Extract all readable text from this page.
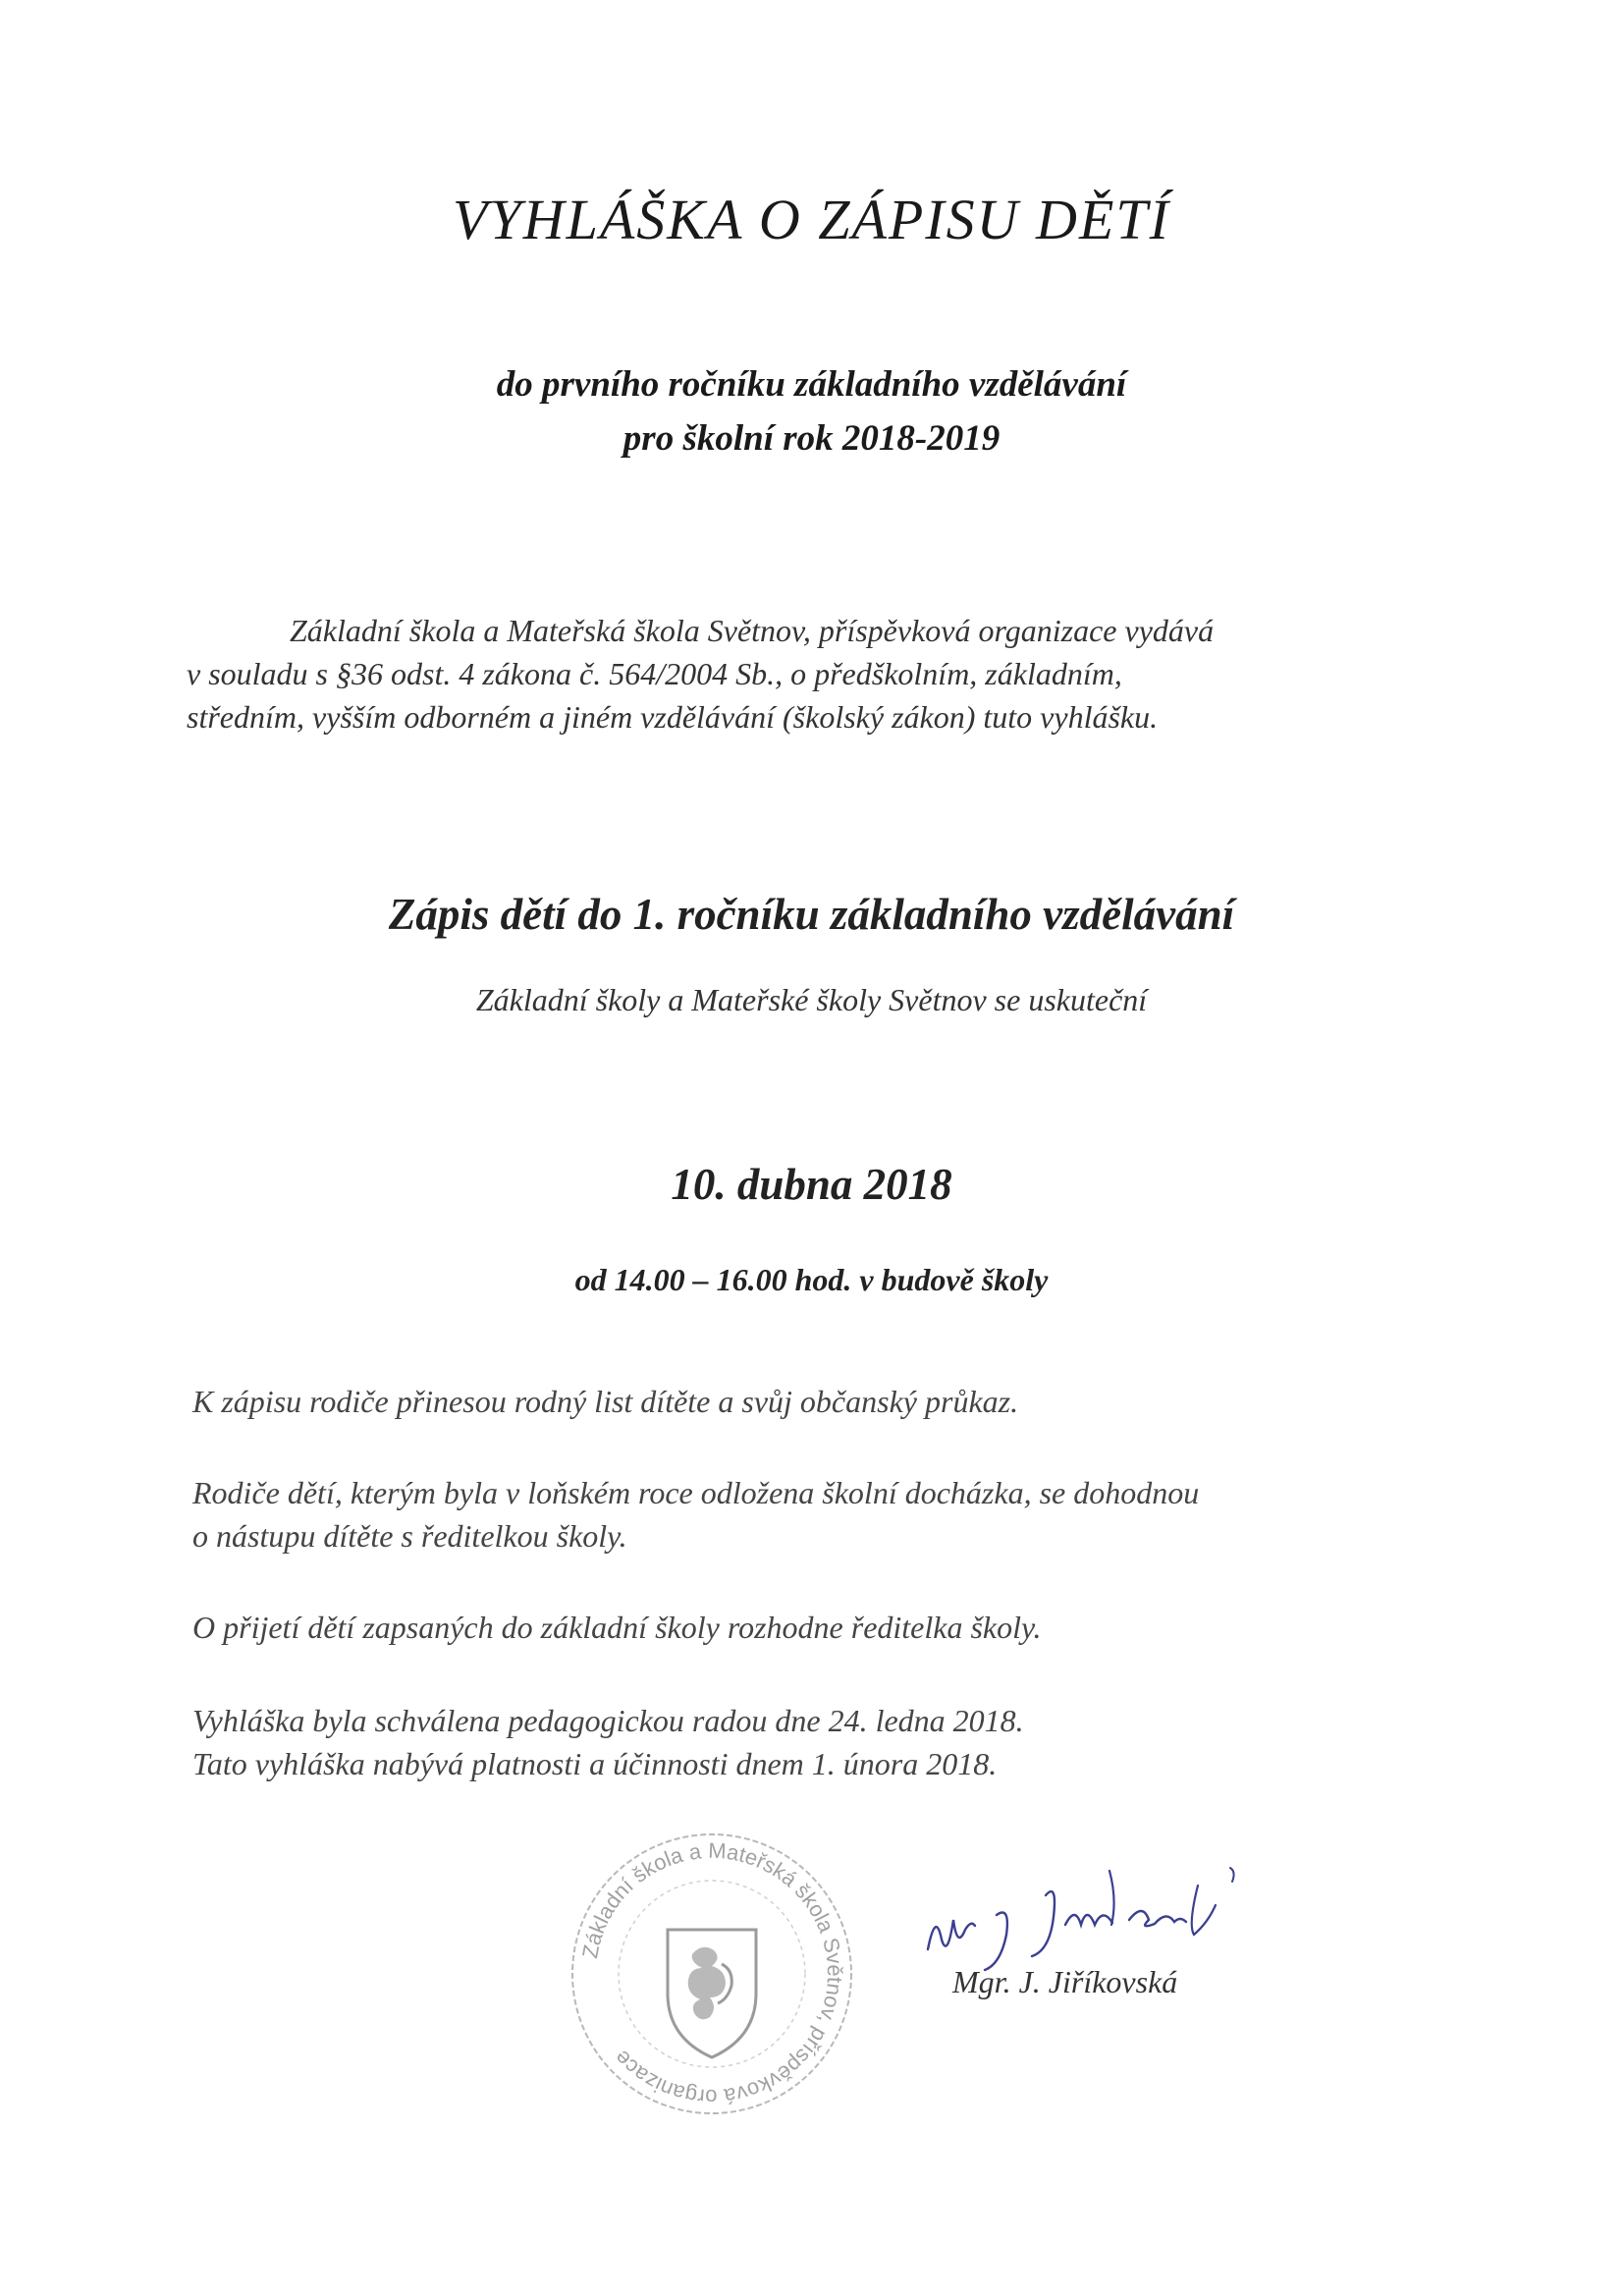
VYHLÁŠKA O ZÁPISU DĚTÍ

do prvního ročníku základního vzdělávání

pro školní rok 2018-2019

Základní škola a Mateřská škola Světnov, příspěvková organizace vydává
v souladu s §36 odst. 4 zákona č. 564/2004 Sb., o předškolním, základním,
středním, vyšším odborném a jiném vzdělávání (školský zákon) tuto vyhlášku.

Zápis dětí do 1. ročníku základního vzdělávání

Základní školy a Mateřské školy Světnov se uskuteční

10. dubna 2018

od 14.00 – 16.00 hod. v budově školy

K zápisu rodiče přinesou rodný list dítěte a svůj občanský průkaz.

Rodiče dětí, kterým byla v loňském roce odložena školní docházka, se dohodnou
o nástupu dítěte s ředitelkou školy.

O přijetí dětí zapsaných do základní školy rozhodne ředitelka školy.

Vyhláška byla schválena pedagogickou radou dne 24. ledna 2018.
Tato vyhláška nabývá platnosti a účinnosti dnem 1. února 2018.

Základní škola a Mateřská škola Světnov, příspěvková organizace

Mgr. J. Jiříkovská
